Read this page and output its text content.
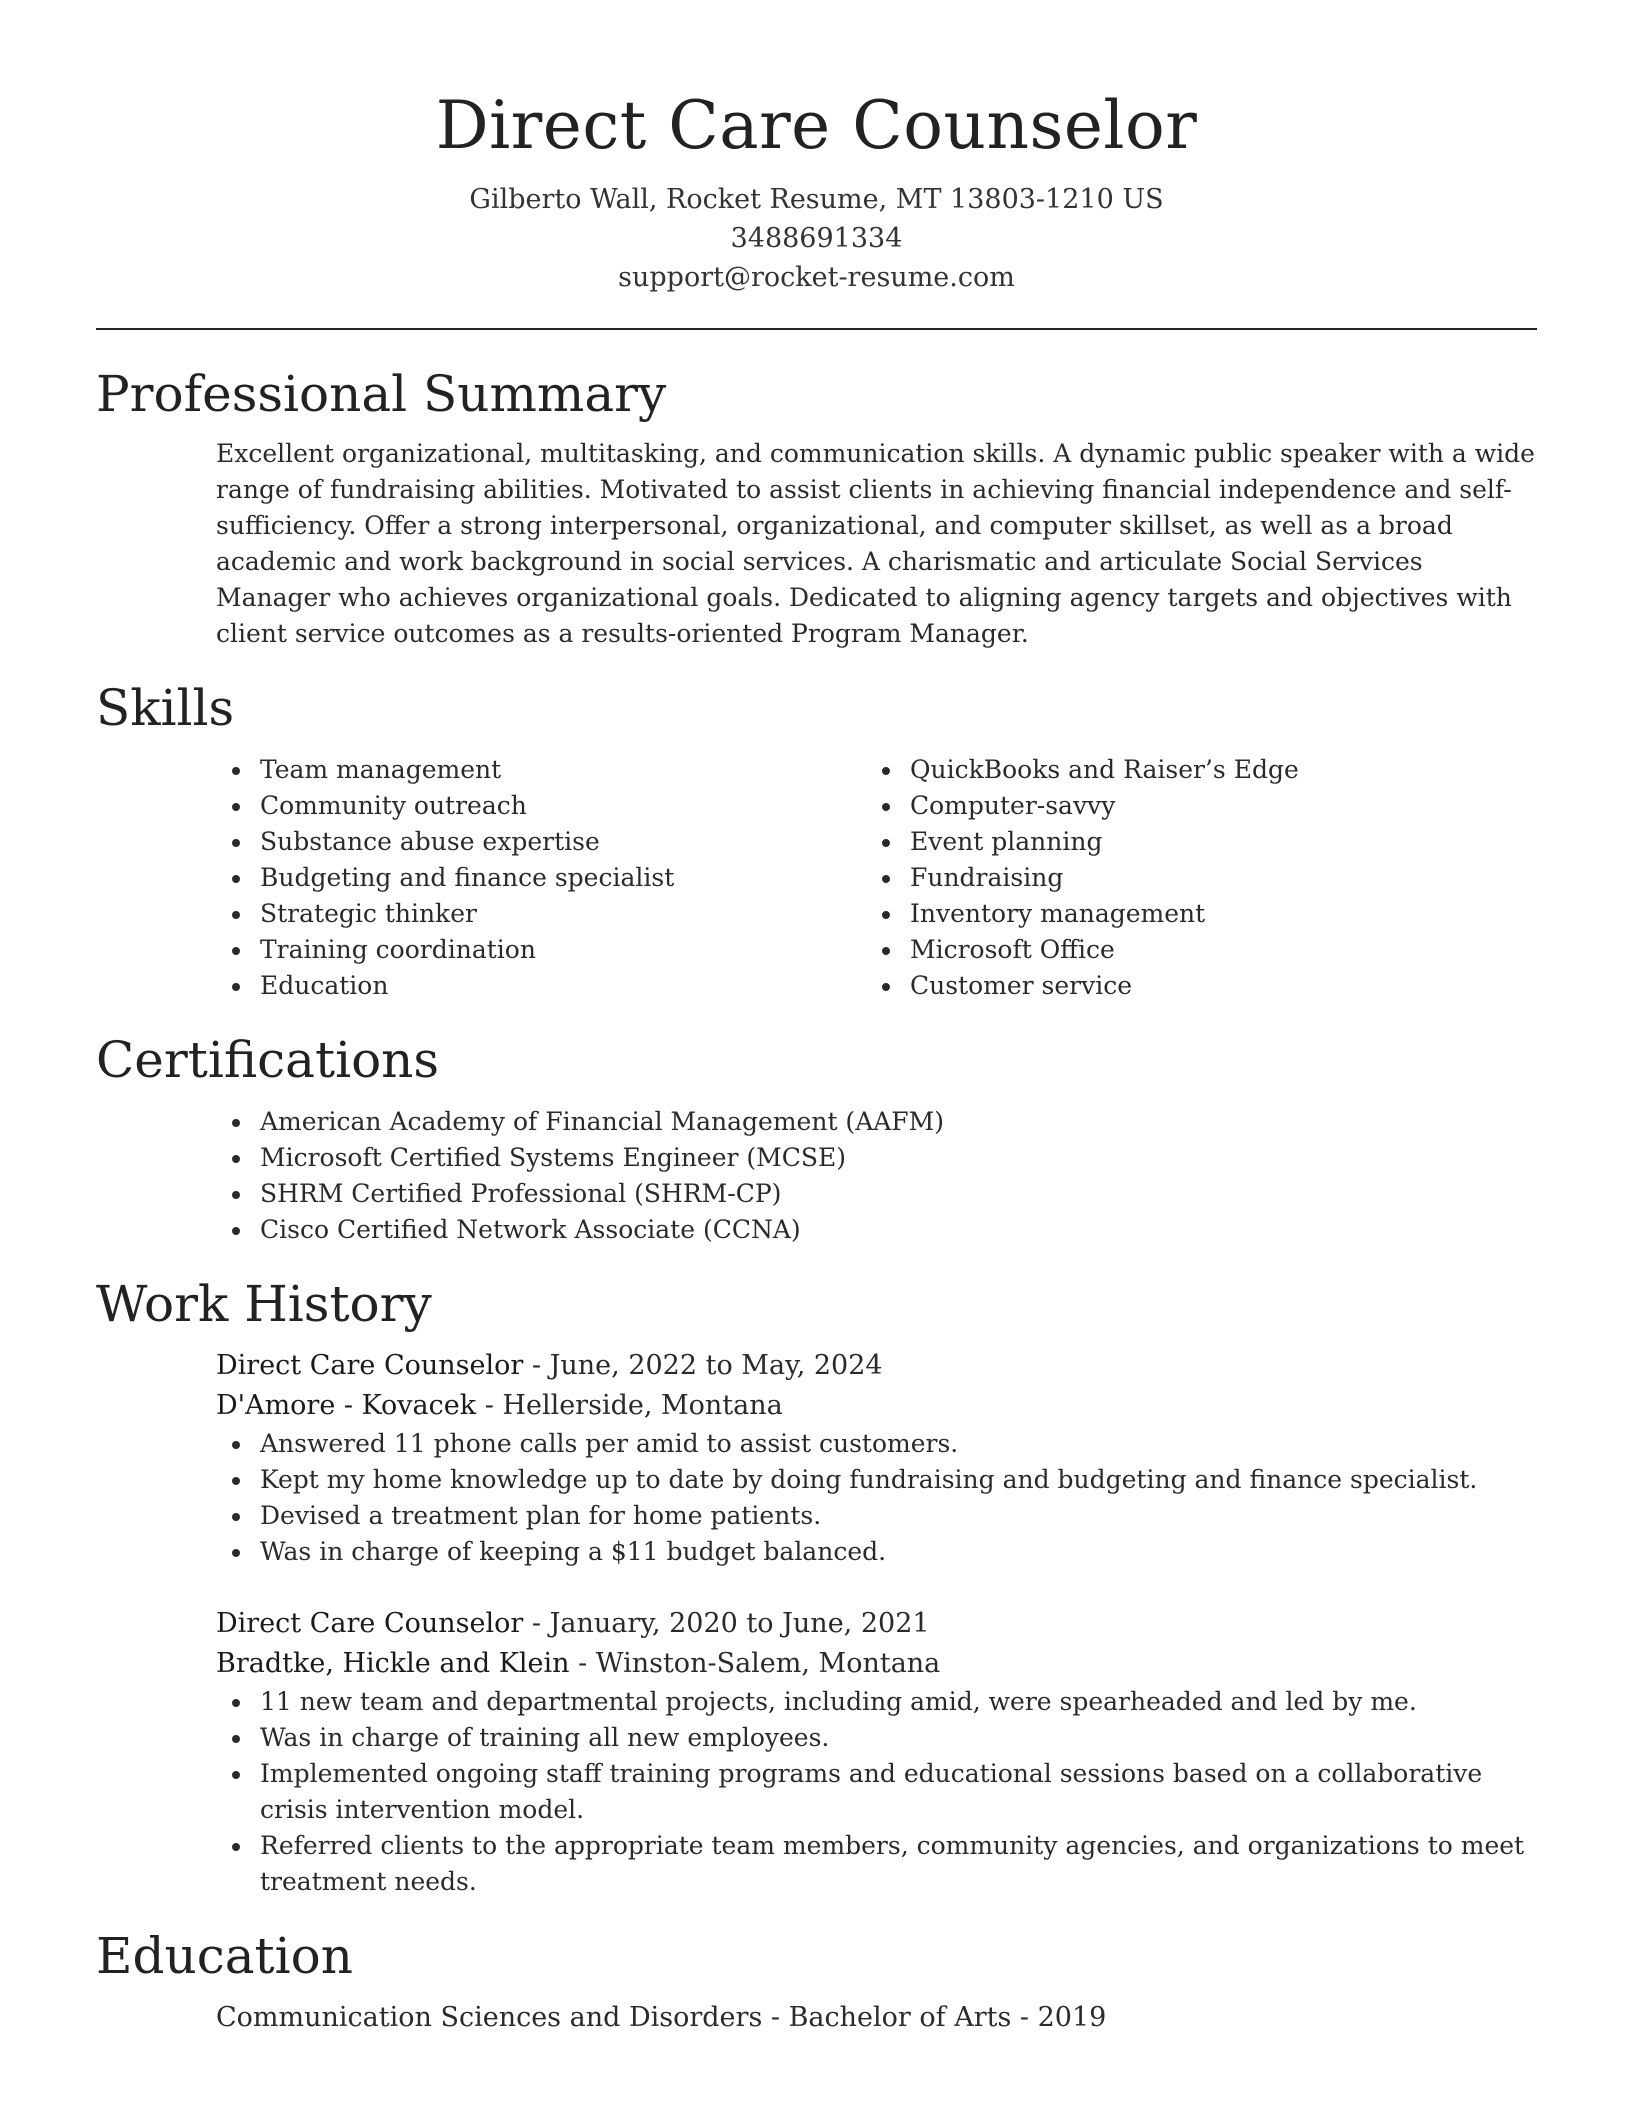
Direct Care Counselor
Gilberto Wall, Rocket Resume, MT 13803-1210 US
3488691334
support@rocket-resume.com
Professional Summary

Excellent organizational, multitasking, and communication skills. A dynamic public speaker with a wide range of fundraising abilities. Motivated to assist clients in achieving financial independence and self-sufficiency. Offer a strong interpersonal, organizational, and computer skillset, as well as a broad academic and work background in social services. A charismatic and articulate Social Services Manager who achieves organizational goals. Dedicated to aligning agency targets and objectives with client service outcomes as a results-oriented Program Manager.

Skills
Team management
Community outreach
Substance abuse expertise
Budgeting and finance specialist
Strategic thinker
Training coordination
Education
QuickBooks and Raiser’s Edge
Computer-savvy
Event planning
Fundraising
Inventory management
Microsoft Office
Customer service
Certifications
American Academy of Financial Management (AAFM)
Microsoft Certified Systems Engineer (MCSE)
SHRM Certified Professional (SHRM-CP)
Cisco Certified Network Associate (CCNA)
Work History
Direct Care Counselor - June, 2022 to May, 2024
D'Amore - Kovacek - Hellerside, Montana
Answered 11 phone calls per amid to assist customers.
Kept my home knowledge up to date by doing fundraising and budgeting and finance specialist.
Devised a treatment plan for home patients.
Was in charge of keeping a $11 budget balanced.
Direct Care Counselor - January, 2020 to June, 2021
Bradtke, Hickle and Klein - Winston-Salem, Montana
11 new team and departmental projects, including amid, were spearheaded and led by me.
Was in charge of training all new employees.
Implemented ongoing staff training programs and educational sessions based on a collaborative crisis intervention model.
Referred clients to the appropriate team members, community agencies, and organizations to meet treatment needs.
Education
Communication Sciences and Disorders - Bachelor of Arts - 2019
